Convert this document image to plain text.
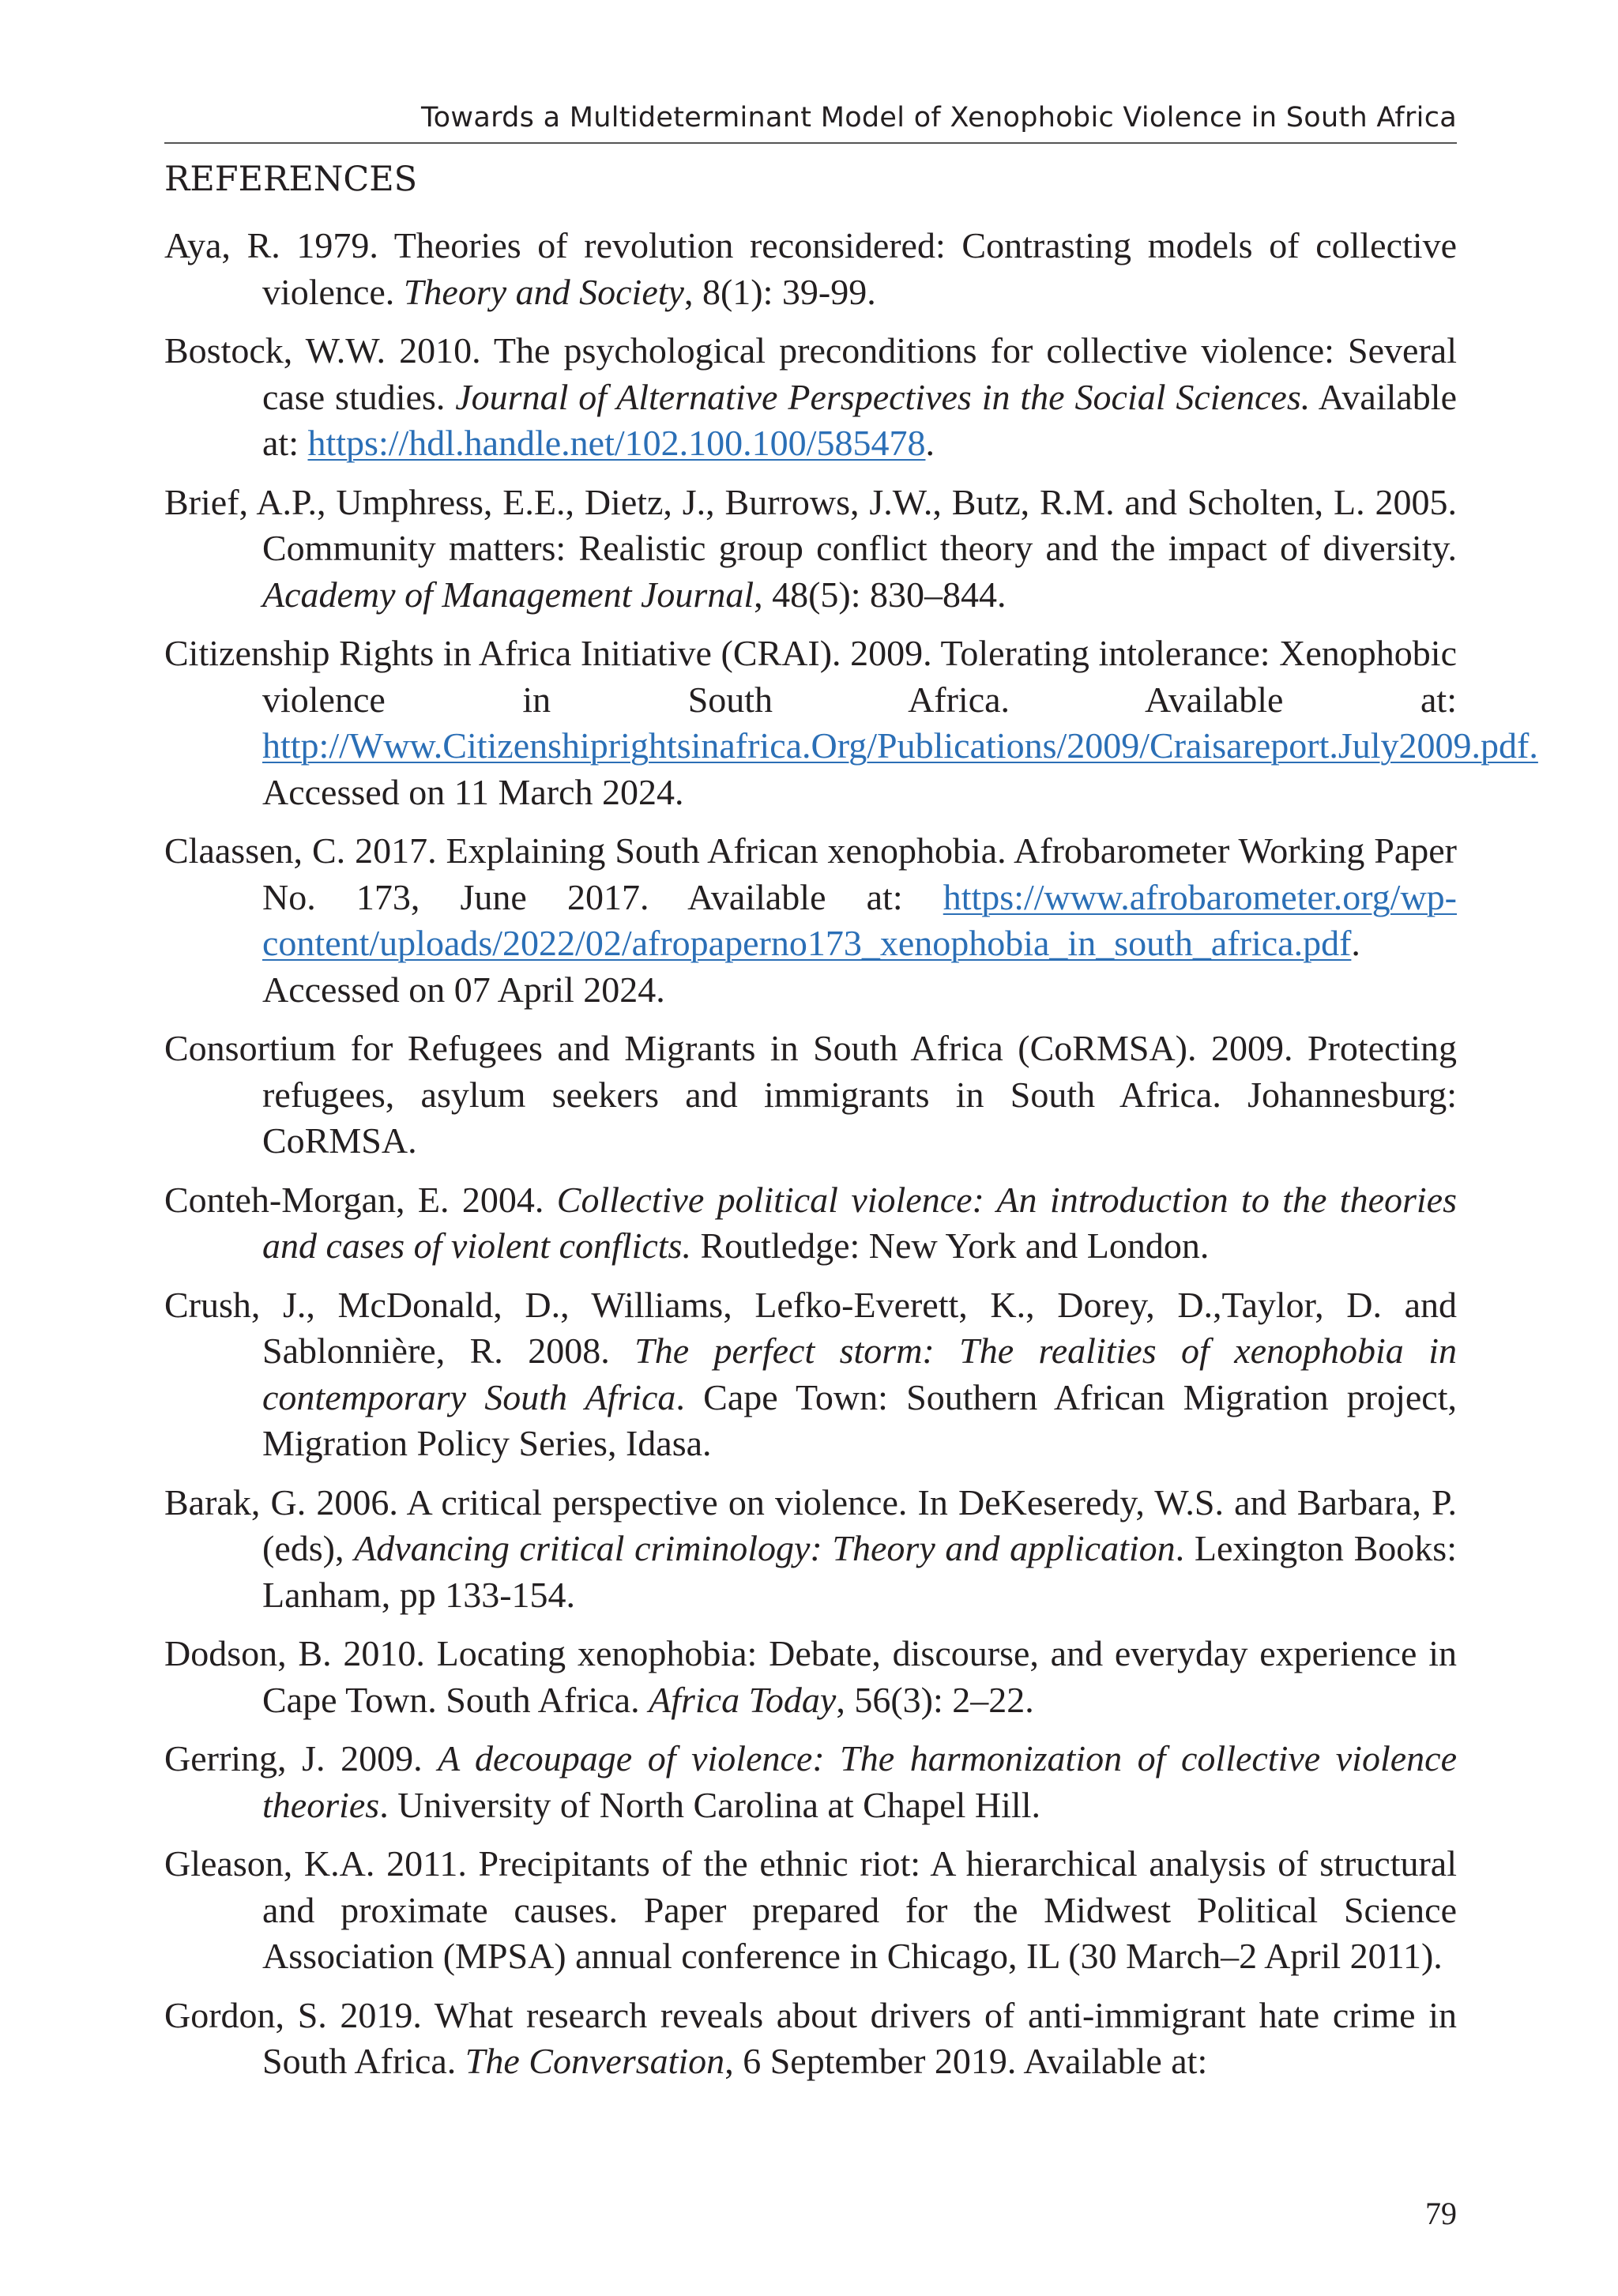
Towards a Multideterminant Model of Xenophobic Violence in South Africa
REFERENCES
Aya, R. 1979. Theories of revolution reconsidered: Contrasting models of collective violence. Theory and Society, 8(1): 39-99.
Bostock, W.W. 2010. The psychological preconditions for collective violence: Several case studies. Journal of Alternative Perspectives in the Social Sciences. Available at: https://hdl.handle.net/102.100.100/585478.
Brief, A.P., Umphress, E.E., Dietz, J., Burrows, J.W., Butz, R.M. and Scholten, L. 2005. Community matters: Realistic group conflict theory and the impact of diversity. Academy of Management Journal, 48(5): 830–844.
Citizenship Rights in Africa Initiative (CRAI). 2009. Tolerating intolerance: Xenophobic violence in South Africa. Available at: http://Www.Citizenshiprightsinafrica.Org/Publications/2009/Craisareport.July2009.pdf. Accessed on 11 March 2024.
Claassen, C. 2017. Explaining South African xenophobia. Afrobarometer Working Paper No. 173, June 2017. Available at: https://www.afrobarometer.org/wp-content/uploads/2022/02/afropaperno173_xenophobia_in_south_africa.pdf. Accessed on 07 April 2024.
Consortium for Refugees and Migrants in South Africa (CoRMSA). 2009. Protecting refugees, asylum seekers and immigrants in South Africa. Johannesburg: CoRMSA.
Conteh-Morgan, E. 2004. Collective political violence: An introduction to the theories and cases of violent conflicts. Routledge: New York and London.
Crush, J., McDonald, D., Williams, Lefko-Everett, K., Dorey, D.,Taylor, D. and Sablonnière, R. 2008. The perfect storm: The realities of xenophobia in contemporary South Africa. Cape Town: Southern African Migration project, Migration Policy Series, Idasa.
Barak, G. 2006. A critical perspective on violence. In DeKeseredy, W.S. and Barbara, P. (eds), Advancing critical criminology: Theory and application. Lexington Books: Lanham, pp 133-154.
Dodson, B. 2010. Locating xenophobia: Debate, discourse, and everyday experience in Cape Town. South Africa. Africa Today, 56(3): 2–22.
Gerring, J. 2009. A decoupage of violence: The harmonization of collective violence theories. University of North Carolina at Chapel Hill.
Gleason, K.A. 2011. Precipitants of the ethnic riot: A hierarchical analysis of structural and proximate causes. Paper prepared for the Midwest Political Science Association (MPSA) annual conference in Chicago, IL (30 March–2 April 2011).
Gordon, S. 2019. What research reveals about drivers of anti-immigrant hate crime in South Africa. The Conversation, 6 September 2019. Available at:
79
